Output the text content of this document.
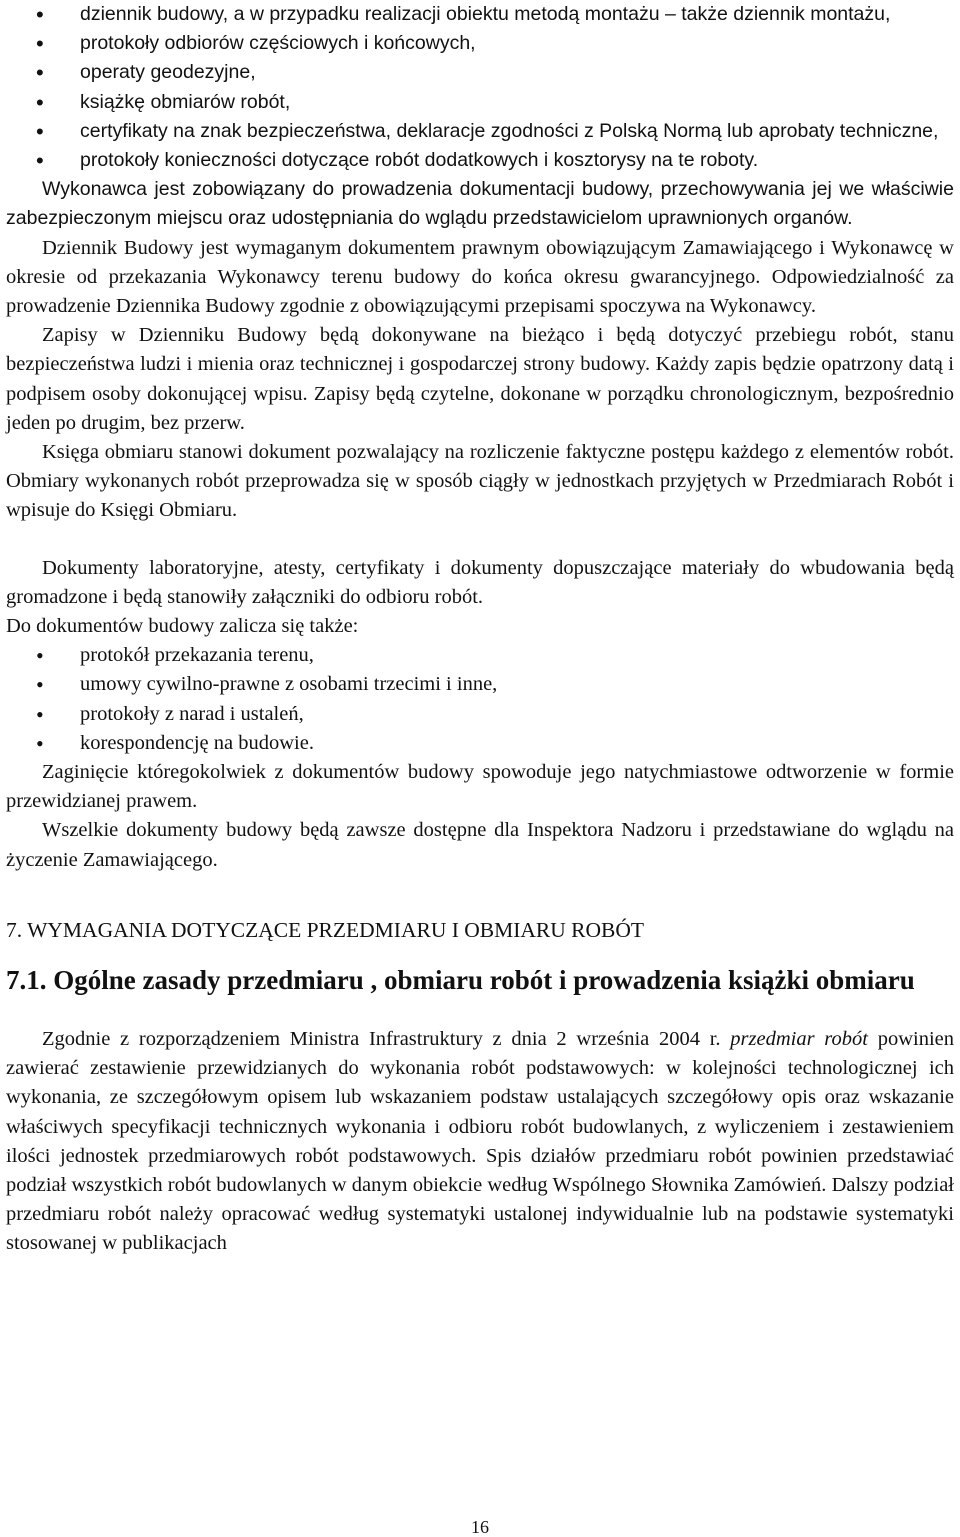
• dziennik budowy, a w przypadku realizacji obiektu metodą montażu – także dziennik montażu,

• protokoły odbiorów częściowych i końcowych,

• operaty geodezyjne,

• książkę obmiarów robót,

• certyfikaty na znak bezpieczeństwa, deklaracje zgodności z Polską Normą lub aprobaty techniczne,

• protokoły konieczności dotyczące robót dodatkowych i kosztorysy na te roboty.

Wykonawca jest zobowiązany do prowadzenia dokumentacji budowy, przechowywania jej we właściwie zabezpieczonym miejscu oraz udostępniania do wglądu przedstawicielom uprawnionych organów.

Dziennik Budowy jest wymaganym dokumentem prawnym obowiązującym Zamawiającego i Wykonawcę w okresie od przekazania Wykonawcy terenu budowy do końca okresu gwarancyjnego. Odpowiedzialność za prowadzenie Dziennika Budowy zgodnie z obowiązującymi przepisami spoczywa na Wykonawcy.

Zapisy w Dzienniku Budowy będą dokonywane na bieżąco i będą dotyczyć przebiegu robót, stanu bezpieczeństwa ludzi i mienia oraz technicznej i gospodarczej strony budowy. Każdy zapis będzie opatrzony datą i podpisem osoby dokonującej wpisu. Zapisy będą czytelne, dokonane w porządku chronologicznym, bezpośrednio jeden po drugim, bez przerw.

Księga obmiaru stanowi dokument pozwalający na rozliczenie faktyczne postępu każdego z elementów robót. Obmiary wykonanych robót przeprowadza się w sposób ciągły w jednostkach przyjętych w Przedmiarach Robót i wpisuje do Księgi Obmiaru.

Dokumenty laboratoryjne, atesty, certyfikaty i dokumenty dopuszczające materiały do wbudowania będą gromadzone i będą stanowiły załączniki do odbioru robót.

Do dokumentów budowy zalicza się także:

• protokół przekazania terenu,

• umowy cywilno-prawne z osobami trzecimi i inne,

• protokoły z narad i ustaleń,

• korespondencję na budowie.

Zaginięcie któregokolwiek z dokumentów budowy spowoduje jego natychmiastowe odtworzenie w formie przewidzianej prawem.

Wszelkie dokumenty budowy będą zawsze dostępne dla Inspektora Nadzoru i przedstawiane do wglądu na życzenie Zamawiającego.

7. WYMAGANIA DOTYCZĄCE PRZEDMIARU I OBMIARU ROBÓT

7.1. Ogólne zasady przedmiaru , obmiaru robót i prowadzenia książki obmiaru

Zgodnie z rozporządzeniem Ministra Infrastruktury z dnia 2 września 2004 r. przedmiar robót powinien zawierać zestawienie przewidzianych do wykonania robót podstawowych: w kolejności technologicznej ich wykonania, ze szczegółowym opisem lub wskazaniem podstaw ustalających szczegółowy opis oraz wskazanie właściwych specyfikacji technicznych wykonania i odbioru robót budowlanych, z wyliczeniem i zestawieniem ilości jednostek przedmiarowych robót podstawowych. Spis działów przedmiaru robót powinien przedstawiać podział wszystkich robót budowlanych w danym obiekcie według Wspólnego Słownika Zamówień. Dalszy podział przedmiaru robót należy opracować według systematyki ustalonej indywidualnie lub na podstawie systematyki stosowanej w publikacjach

16
